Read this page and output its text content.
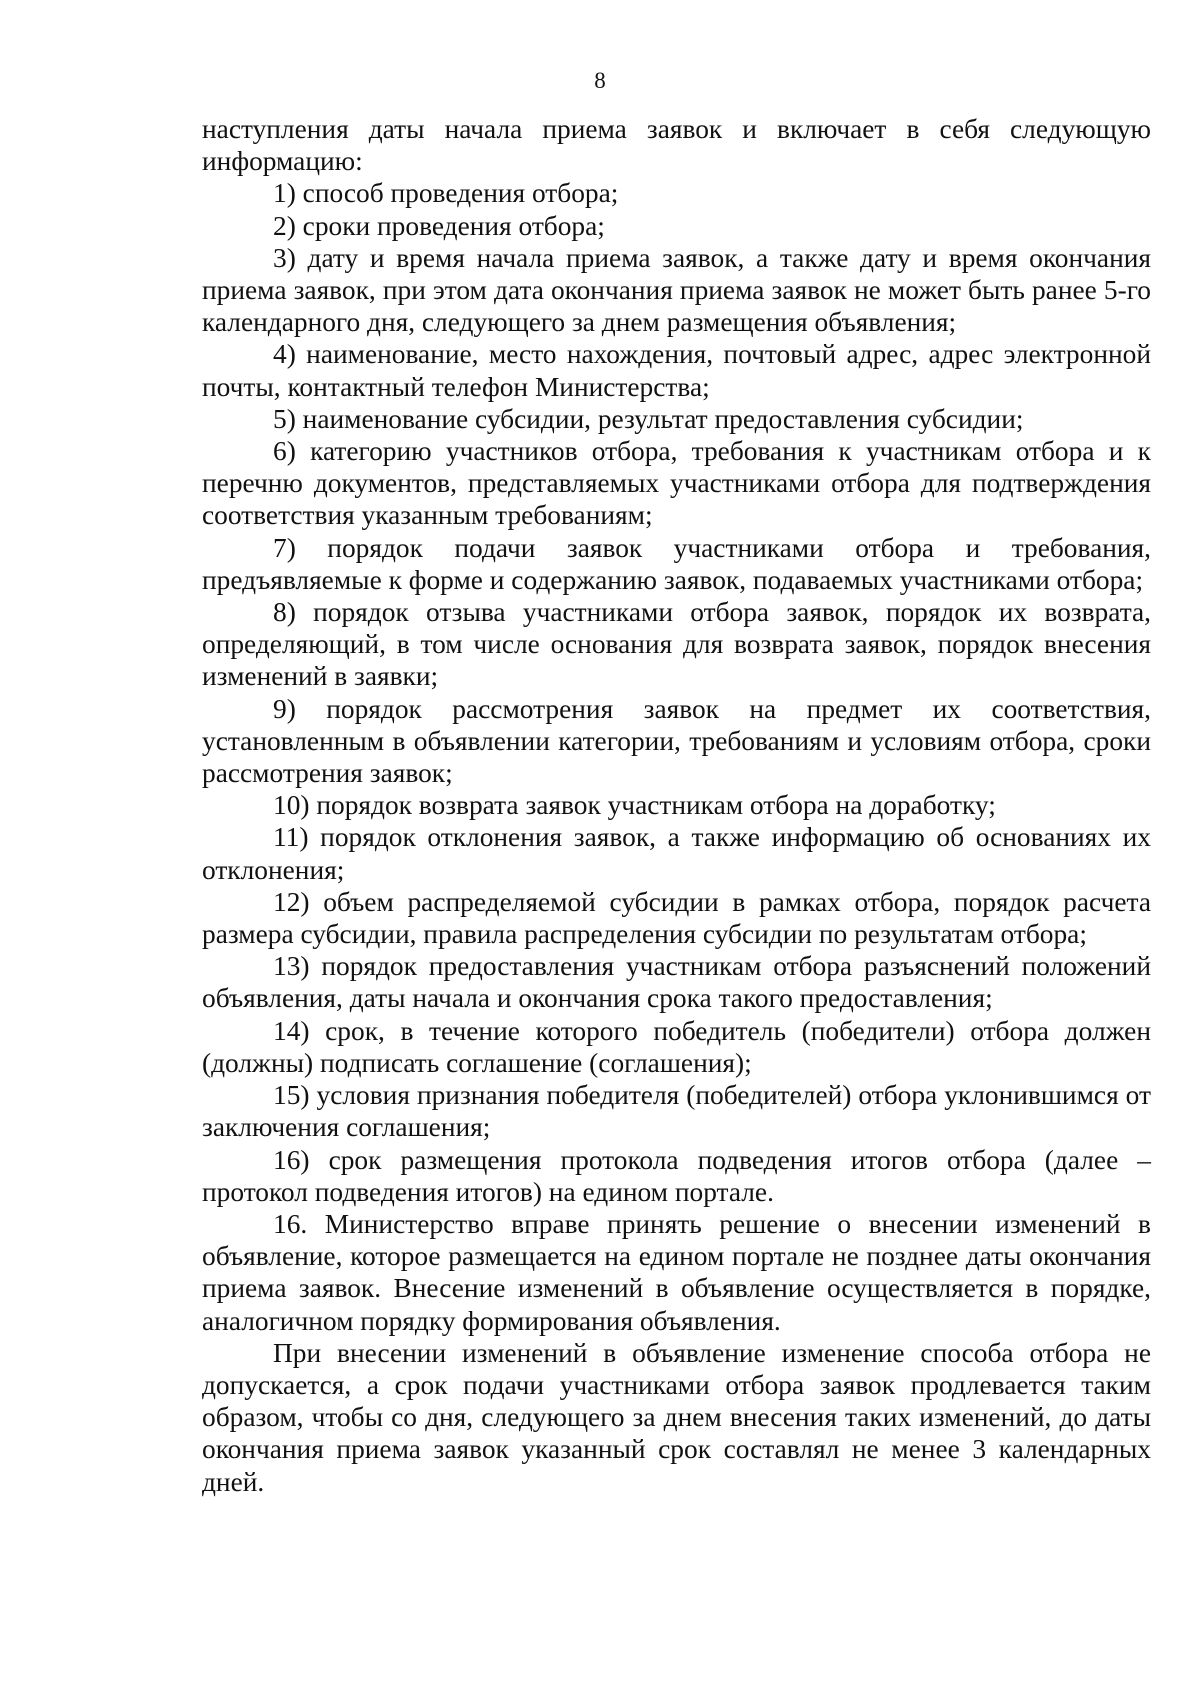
8

наступления даты начала приема заявок и включает в себя следующую информацию:

1) способ проведения отбора;

2) сроки проведения отбора;

3) дату и время начала приема заявок, а также дату и время окончания приема заявок, при этом дата окончания приема заявок не может быть ранее 5-го календарного дня, следующего за днем размещения объявления;

4) наименование, место нахождения, почтовый адрес, адрес электронной почты, контактный телефон Министерства;

5) наименование субсидии, результат предоставления субсидии;

6) категорию участников отбора, требования к участникам отбора и к перечню документов, представляемых участниками отбора для подтверждения соответствия указанным требованиям;

7) порядок подачи заявок участниками отбора и требования, предъявляемые к форме и содержанию заявок, подаваемых участниками отбора;

8) порядок отзыва участниками отбора заявок, порядок их возврата, определяющий, в том числе основания для возврата заявок, порядок внесения изменений в заявки;

9) порядок рассмотрения заявок на предмет их соответствия, установленным в объявлении категории, требованиям и условиям отбора, сроки рассмотрения заявок;

10) порядок возврата заявок участникам отбора на доработку;

11) порядок отклонения заявок, а также информацию об основаниях их отклонения;

12) объем распределяемой субсидии в рамках отбора, порядок расчета размера субсидии, правила распределения субсидии по результатам отбора;

13) порядок предоставления участникам отбора разъяснений положений объявления, даты начала и окончания срока такого предоставления;

14) срок, в течение которого победитель (победители) отбора должен (должны) подписать соглашение (соглашения);

15) условия признания победителя (победителей) отбора уклонившимся от заключения соглашения;

16) срок размещения протокола подведения итогов отбора (далее – протокол подведения итогов) на едином портале.

16. Министерство вправе принять решение о внесении изменений в объявление, которое размещается на едином портале не позднее даты окончания приема заявок. Внесение изменений в объявление осуществляется в порядке, аналогичном порядку формирования объявления.

При внесении изменений в объявление изменение способа отбора не допускается, а срок подачи участниками отбора заявок продлевается таким образом, чтобы со дня, следующего за днем внесения таких изменений, до даты окончания приема заявок указанный срок составлял не менее 3 календарных дней.
